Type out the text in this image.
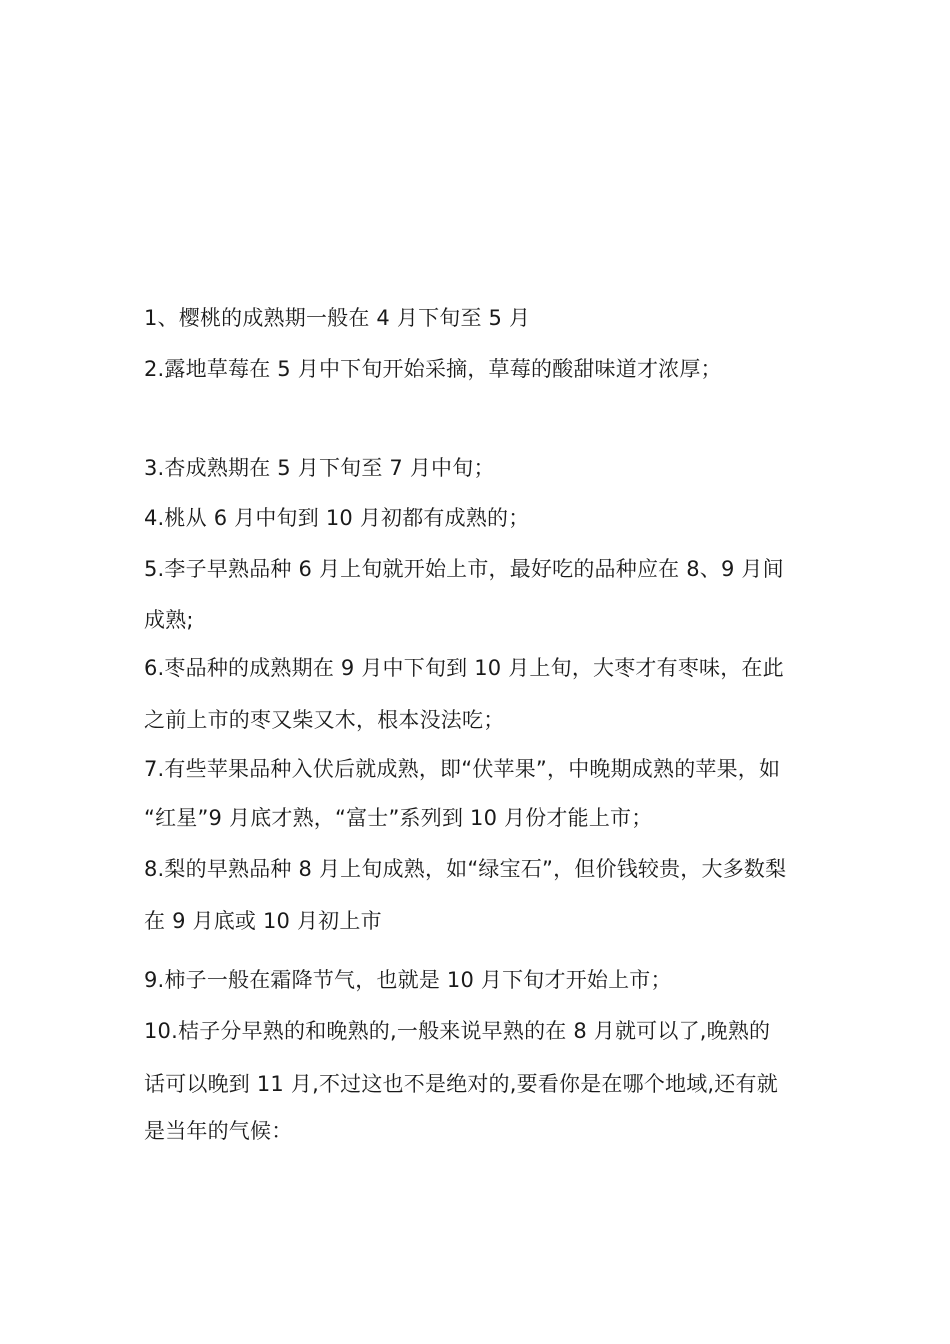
1、樱桃的成熟期一般在 4 月下旬至 5 月
2.露地草莓在 5 月中下旬开始采摘，草莓的酸甜味道才浓厚；
3.杏成熟期在 5 月下旬至 7 月中旬；
4.桃从 6 月中旬到 10 月初都有成熟的；
5.李子早熟品种 6 月上旬就开始上市，最好吃的品种应在 8、9 月间
成熟;
6.枣品种的成熟期在 9 月中下旬到 10 月上旬，大枣才有枣味，在此
之前上市的枣又柴又木，根本没法吃；
7.有些苹果品种入伏后就成熟，即“伏苹果”，中晚期成熟的苹果，如
“红星”9 月底才熟，“富士”系列到 10 月份才能上市；
8.梨的早熟品种 8 月上旬成熟，如“绿宝石”，但价钱较贵，大多数梨
在 9 月底或 10 月初上市
9.柿子一般在霜降节气，也就是 10 月下旬才开始上市；
10.桔子分早熟的和晚熟的,一般来说早熟的在 8 月就可以了,晚熟的
话可以晚到 11 月,不过这也不是绝对的,要看你是在哪个地域,还有就
是当年的气候：
